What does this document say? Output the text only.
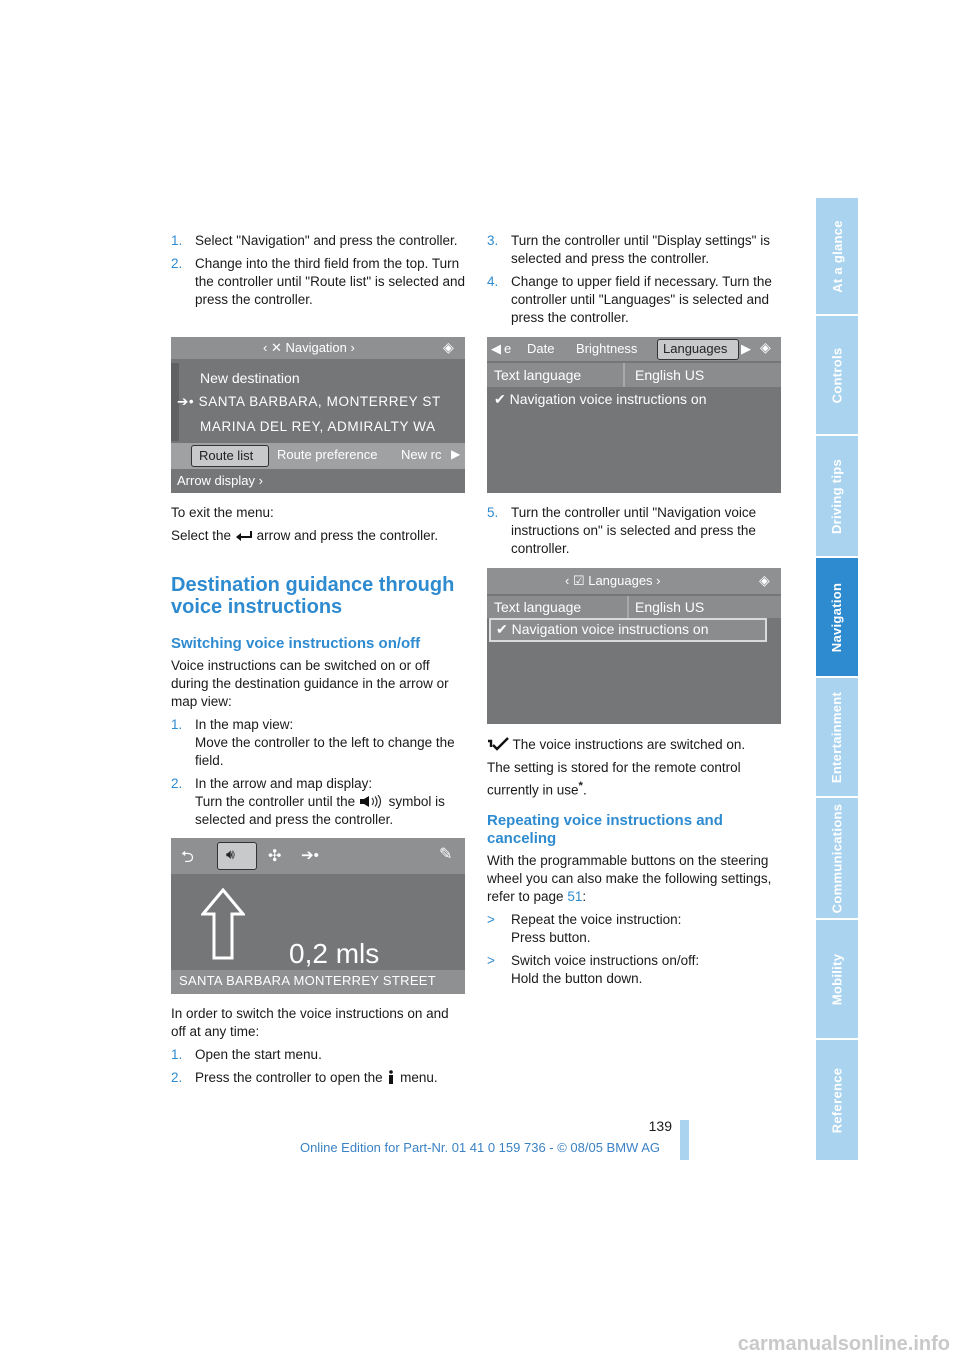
At a glance
Controls
Driving tips
Navigation
Entertainment
Communications
Mobility
Reference
1. Select "Navigation" and press the controller.
2. Change into the third field from the top. Turn the controller until "Route list" is selected and press the controller.
‹ ✕ Navigation ›	◈
New destination
➔• SANTA BARBARA, MONTERREY ST
MARINA DEL REY, ADMIRALTY WA
Route list Route preference New rc ▶
Arrow display ›

To exit the menu:

Select the arrow and press the controller.

Destination guidance through voice instructions
Switching voice instructions on/off

Voice instructions can be switched on or off during the destination guidance in the arrow or map view:

1. In the map view:
Move the controller to the left to change the field.
2. In the arrow and map display:
Turn the controller until the symbol is selected and press the controller.
⮌ 🔊︎ ✣ ➔•	✎
0,2 mls
SANTA BARBARA MONTERREY STREET

In order to switch the voice instructions on and off at any time:

1. Open the start menu.
2. Press the controller to open the menu.
3. Turn the controller until "Display settings" is selected and press the controller.
4. Change to upper field if necessary. Turn the controller until "Languages" is selected and press the controller.
◀ e Date Brightness Languages ▶ ◈
Text language	English US
✔ Navigation voice instructions on
5. Turn the controller until "Navigation voice instructions on" is selected and press the controller.
‹ ☑ Languages ›	◈
Text language	English US
✔ Navigation voice instructions on

The voice instructions are switched on.

The setting is stored for the remote control currently in use*.

Repeating voice instructions and canceling

With the programmable buttons on the steering wheel you can also make the following settings, refer to page 51:

> Repeat the voice instruction:
Press button.
> Switch voice instructions on/off:
Hold the button down.
139
Online Edition for Part-Nr. 01 41 0 159 736 - © 08/05 BMW AG
carmanualsonline.info
